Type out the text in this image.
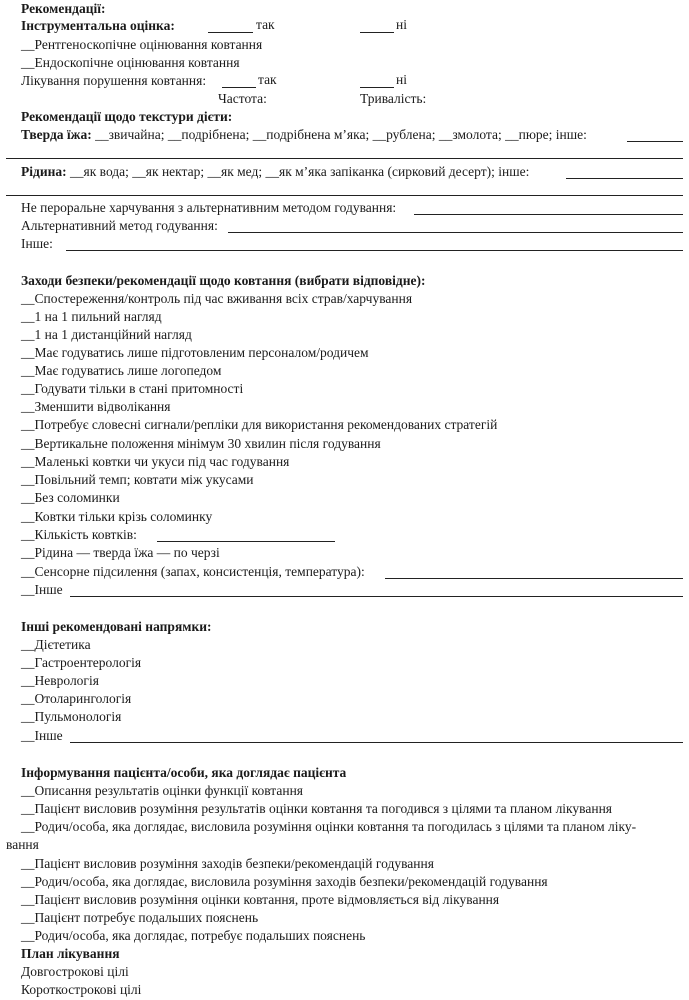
Рекомендації:
Інструментальна оцінка:	так	ні
__Рентгеноскопічне оцінювання ковтання
__Ендоскопічне оцінювання ковтання
Лікування порушення ковтання:	так	ні
Частота:	Тривалість:
Рекомендації щодо текстури дієти:
Тверда їжа: __звичайна; __подрібнена; __подрібнена м’яка; __рублена; __змолота; __пюре; інше:
Рідина: __як вода; __як нектар; __як мед; __як м’яка запіканка (сирковий десерт); інше:
Не пероральне харчування з альтернативним методом годування:
Альтернативний метод годування:
Інше:
Заходи безпеки/рекомендації щодо ковтання (вибрати відповідне):
__Спостереження/контроль під час вживання всіх страв/харчування
__1 на 1 пильний нагляд
__1 на 1 дистанційний нагляд
__Має годуватись лише підготовленим персоналом/родичем
__Має годуватись лише логопедом
__Годувати тільки в стані притомності
__Зменшити відволікання
__Потребує словесні сигнали/репліки для використання рекомендованих стратегій
__Вертикальне положення мінімум 30 хвилин після годування
__Маленькі ковтки чи укуси під час годування
__Повільний темп; ковтати між укусами
__Без соломинки
__Ковтки тільки крізь соломинку
__Кількість ковтків:
__Рідина — тверда їжа — по черзі
__Сенсорне підсилення (запах, консистенція, температура):
__Інше
Інші рекомендовані напрямки:
__Дієтетика
__Гастроентерологія
__Неврологія
__Отоларингологія
__Пульмонологія
__Інше
Інформування пацієнта/особи, яка доглядає пацієнта
__Описання результатів оцінки функції ковтання
__Пацієнт висловив розуміння результатів оцінки ковтання та погодився з цілями та планом лікування
__Родич/особа, яка доглядає, висловила розуміння оцінки ковтання та погодилась з цілями та планом ліку-
вання
__Пацієнт висловив розуміння заходів безпеки/рекомендацій годування
__Родич/особа, яка доглядає, висловила розуміння заходів безпеки/рекомендацій годування
__Пацієнт висловив розуміння оцінки ковтання, проте відмовляється від лікування
__Пацієнт потребує подальших пояснень
__Родич/особа, яка доглядає, потребує подальших пояснень
План лікування
Довгострокові цілі
Короткострокові цілі
